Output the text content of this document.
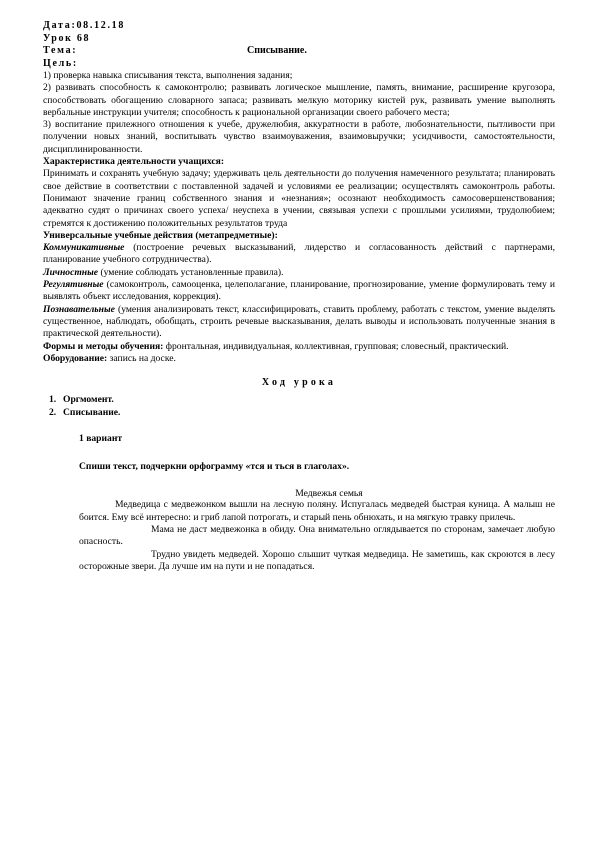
Дата:08.12.18

Урок 68

Тема:	Списывание.

Цель:

1) проверка навыка списывания текста, выполнения задания;

2) развивать способность к самоконтролю; развивать логическое мышление, память, внимание, расширение кругозора, способствовать обогащению словарного запаса; развивать мелкую моторику кистей рук, развивать умение выполнять вербальные инструкции учителя; способность к рациональной организации своего рабочего места;

3) воспитание прилежного отношения к учебе, дружелюбия, аккуратности в работе, любознательности, пытливости при получении новых знаний, воспитывать чувство взаимоуважения, взаимовыручки; усидчивости, самостоятельности, дисциплинированности.

Характеристика деятельности учащихся:

Принимать и сохранять учебную задачу; удерживать цель деятельности до получения намеченного результата; планировать свое действие в соответствии с поставленной задачей и условиями ее реализации; осуществлять самоконтроль работы. Понимают значение границ собственного знания и «незнания»; осознают необходимость самосовершенствования; адекватно судят о причинах своего успеха/ неуспеха в учении, связывая успехи с прошлыми усилиями, трудолюбием; стремятся к достижению положительных результатов труда

Универсальные учебные действия (метапредметные):

Коммуникативные (построение речевых высказываний, лидерство и согласованность действий с партнерами, планирование учебного сотрудничества).

Личностные (умение соблюдать установленные правила).

Регулятивные (самоконтроль, самооценка, целеполагание, планирование, прогнозирование, умение формулировать тему и выявлять объект исследования, коррекция).

Познавательные (умения анализировать текст, классифицировать, ставить проблему, работать с текстом, умение выделять существенное, наблюдать, обобщать, строить речевые высказывания, делать выводы и использовать полученные знания в практической деятельности).

Формы и методы обучения: фронтальная, индивидуальная, коллективная, групповая; словесный, практический.

Оборудование: запись на доске.

Ход урока

1. Оргмомент.
2. Списывание.

1 вариант

Спиши текст, подчеркни орфограмму «тся и ться в глаголах».

Медвежья семья

Медведица с медвежонком вышли на лесную поляну. Испугалась медведей быстрая куница. А малыш не боится. Ему всё интересно: и гриб лапой потрогать, и старый пень обнюхать, и на мягкую травку прилечь.

Мама не даст медвежонка в обиду. Она внимательно оглядывается по сторонам, замечает любую опасность.

Трудно увидеть медведей. Хорошо слышит чуткая медведица. Не заметишь, как скроются в лесу осторожные звери. Да лучше им на пути и не попадаться.
